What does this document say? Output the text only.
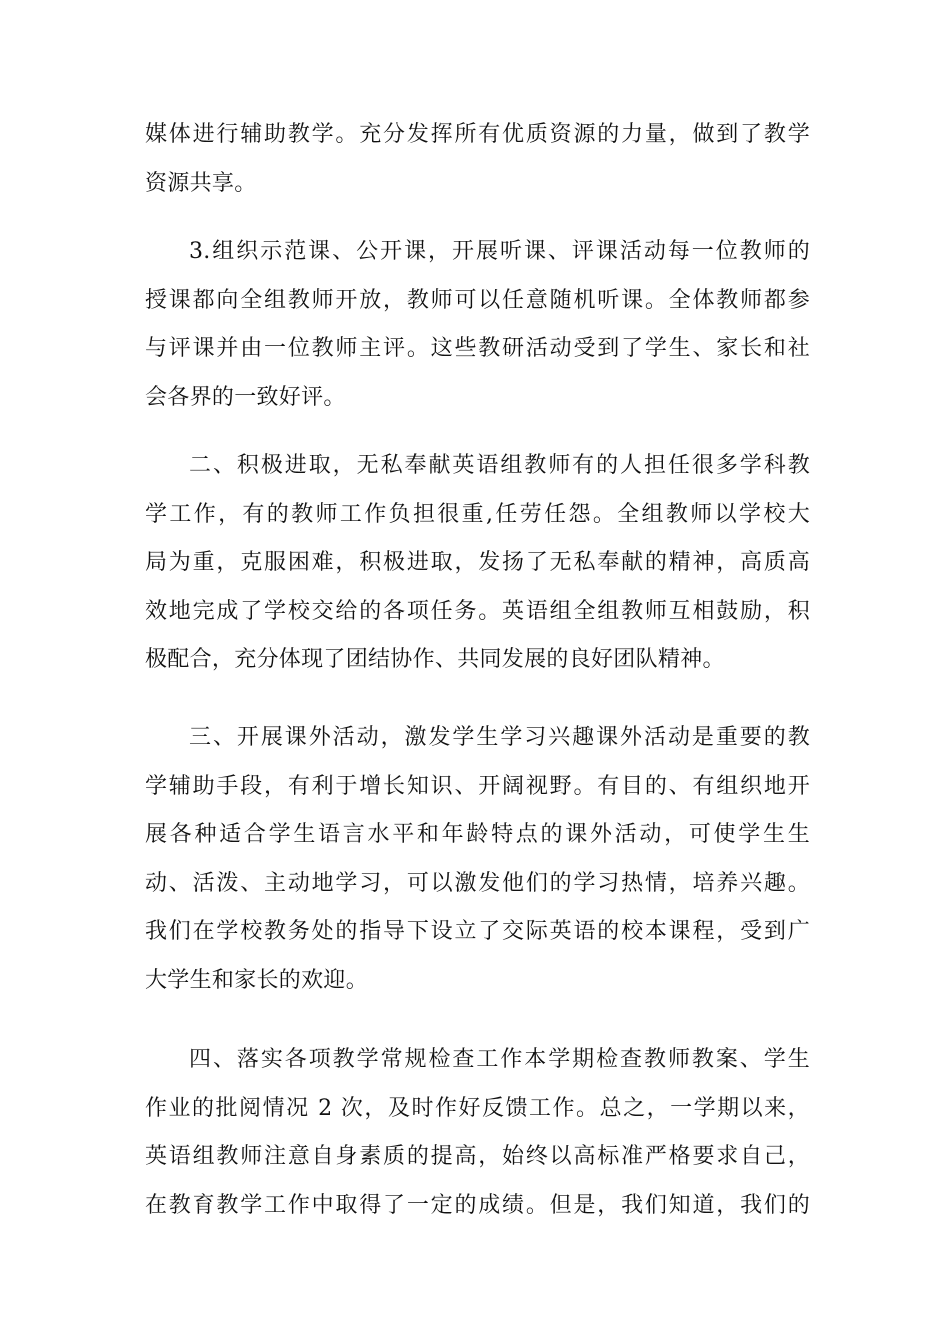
媒体进行辅助教学。充分发挥所有优质资源的力量，做到了教学
资源共享。
3.组织示范课、公开课，开展听课、评课活动每一位教师的
授课都向全组教师开放，教师可以任意随机听课。全体教师都参
与评课并由一位教师主评。这些教研活动受到了学生、家长和社
会各界的一致好评。
二、积极进取，无私奉献英语组教师有的人担任很多学科教
学工作，有的教师工作负担很重,任劳任怨。全组教师以学校大
局为重，克服困难，积极进取，发扬了无私奉献的精神，高质高
效地完成了学校交给的各项任务。英语组全组教师互相鼓励，积
极配合，充分体现了团结协作、共同发展的良好团队精神。
三、开展课外活动，激发学生学习兴趣课外活动是重要的教
学辅助手段，有利于增长知识、开阔视野。有目的、有组织地开
展各种适合学生语言水平和年龄特点的课外活动，可使学生生
动、活泼、主动地学习，可以激发他们的学习热情，培养兴趣。
我们在学校教务处的指导下设立了交际英语的校本课程，受到广
大学生和家长的欢迎。
四、落实各项教学常规检查工作本学期检查教师教案、学生
作业的批阅情况 2 次，及时作好反馈工作。总之，一学期以来，
英语组教师注意自身素质的提高，始终以高标准严格要求自己，
在教育教学工作中取得了一定的成绩。但是，我们知道，我们的
